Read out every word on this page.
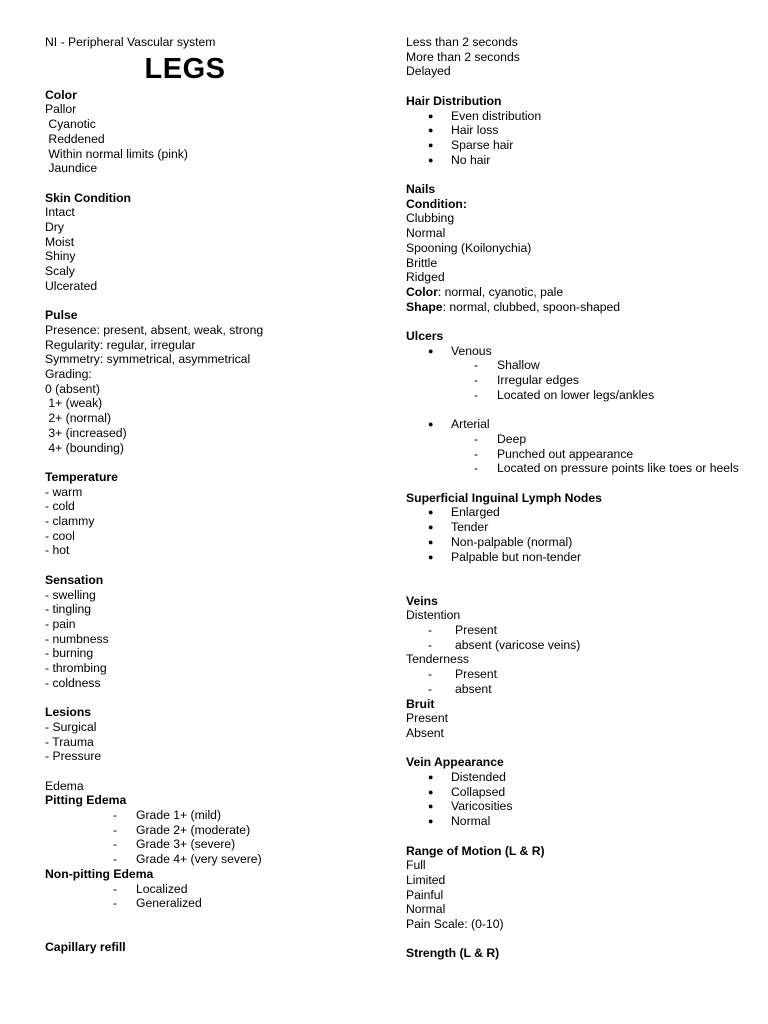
NI - Peripheral Vascular system
LEGS
Color
Pallor
Cyanotic
Reddened
Within normal limits (pink)
Jaundice
Skin Condition
Intact
Dry
Moist
Shiny
Scaly
Ulcerated
Pulse
Presence: present, absent, weak, strong
Regularity: regular, irregular
Symmetry: symmetrical, asymmetrical
Grading:
0 (absent)
1+ (weak)
2+ (normal)
3+ (increased)
4+ (bounding)
Temperature
- warm
- cold
- clammy
- cool
- hot
Sensation
- swelling
- tingling
- pain
- numbness
- burning
- thrombing
- coldness
Lesions
- Surgical
- Trauma
- Pressure
Edema
Pitting Edema
- Grade 1+ (mild)
- Grade 2+ (moderate)
- Grade 3+ (severe)
- Grade 4+ (very severe)
Non-pitting Edema
- Localized
- Generalized
Capillary refill
Less than 2 seconds
More than 2 seconds
Delayed
Hair Distribution
● Even distribution
● Hair loss
● Sparse hair
● No hair
Nails
Condition:
Clubbing
Normal
Spooning (Koilonychia)
Brittle
Ridged
Color: normal, cyanotic, pale
Shape: normal, clubbed, spoon-shaped
Ulcers
● Venous
- Shallow
- Irregular edges
- Located on lower legs/ankles
● Arterial
- Deep
- Punched out appearance
- Located on pressure points like toes or heels
Superficial Inguinal Lymph Nodes
● Enlarged
● Tender
● Non-palpable (normal)
● Palpable but non-tender
Veins
Distention
- Present
- absent (varicose veins)
Tenderness
- Present
- absent
Bruit
Present
Absent
Vein Appearance
● Distended
● Collapsed
● Varicosities
● Normal
Range of Motion (L & R)
Full
Limited
Painful
Normal
Pain Scale: (0-10)
Strength (L & R)
